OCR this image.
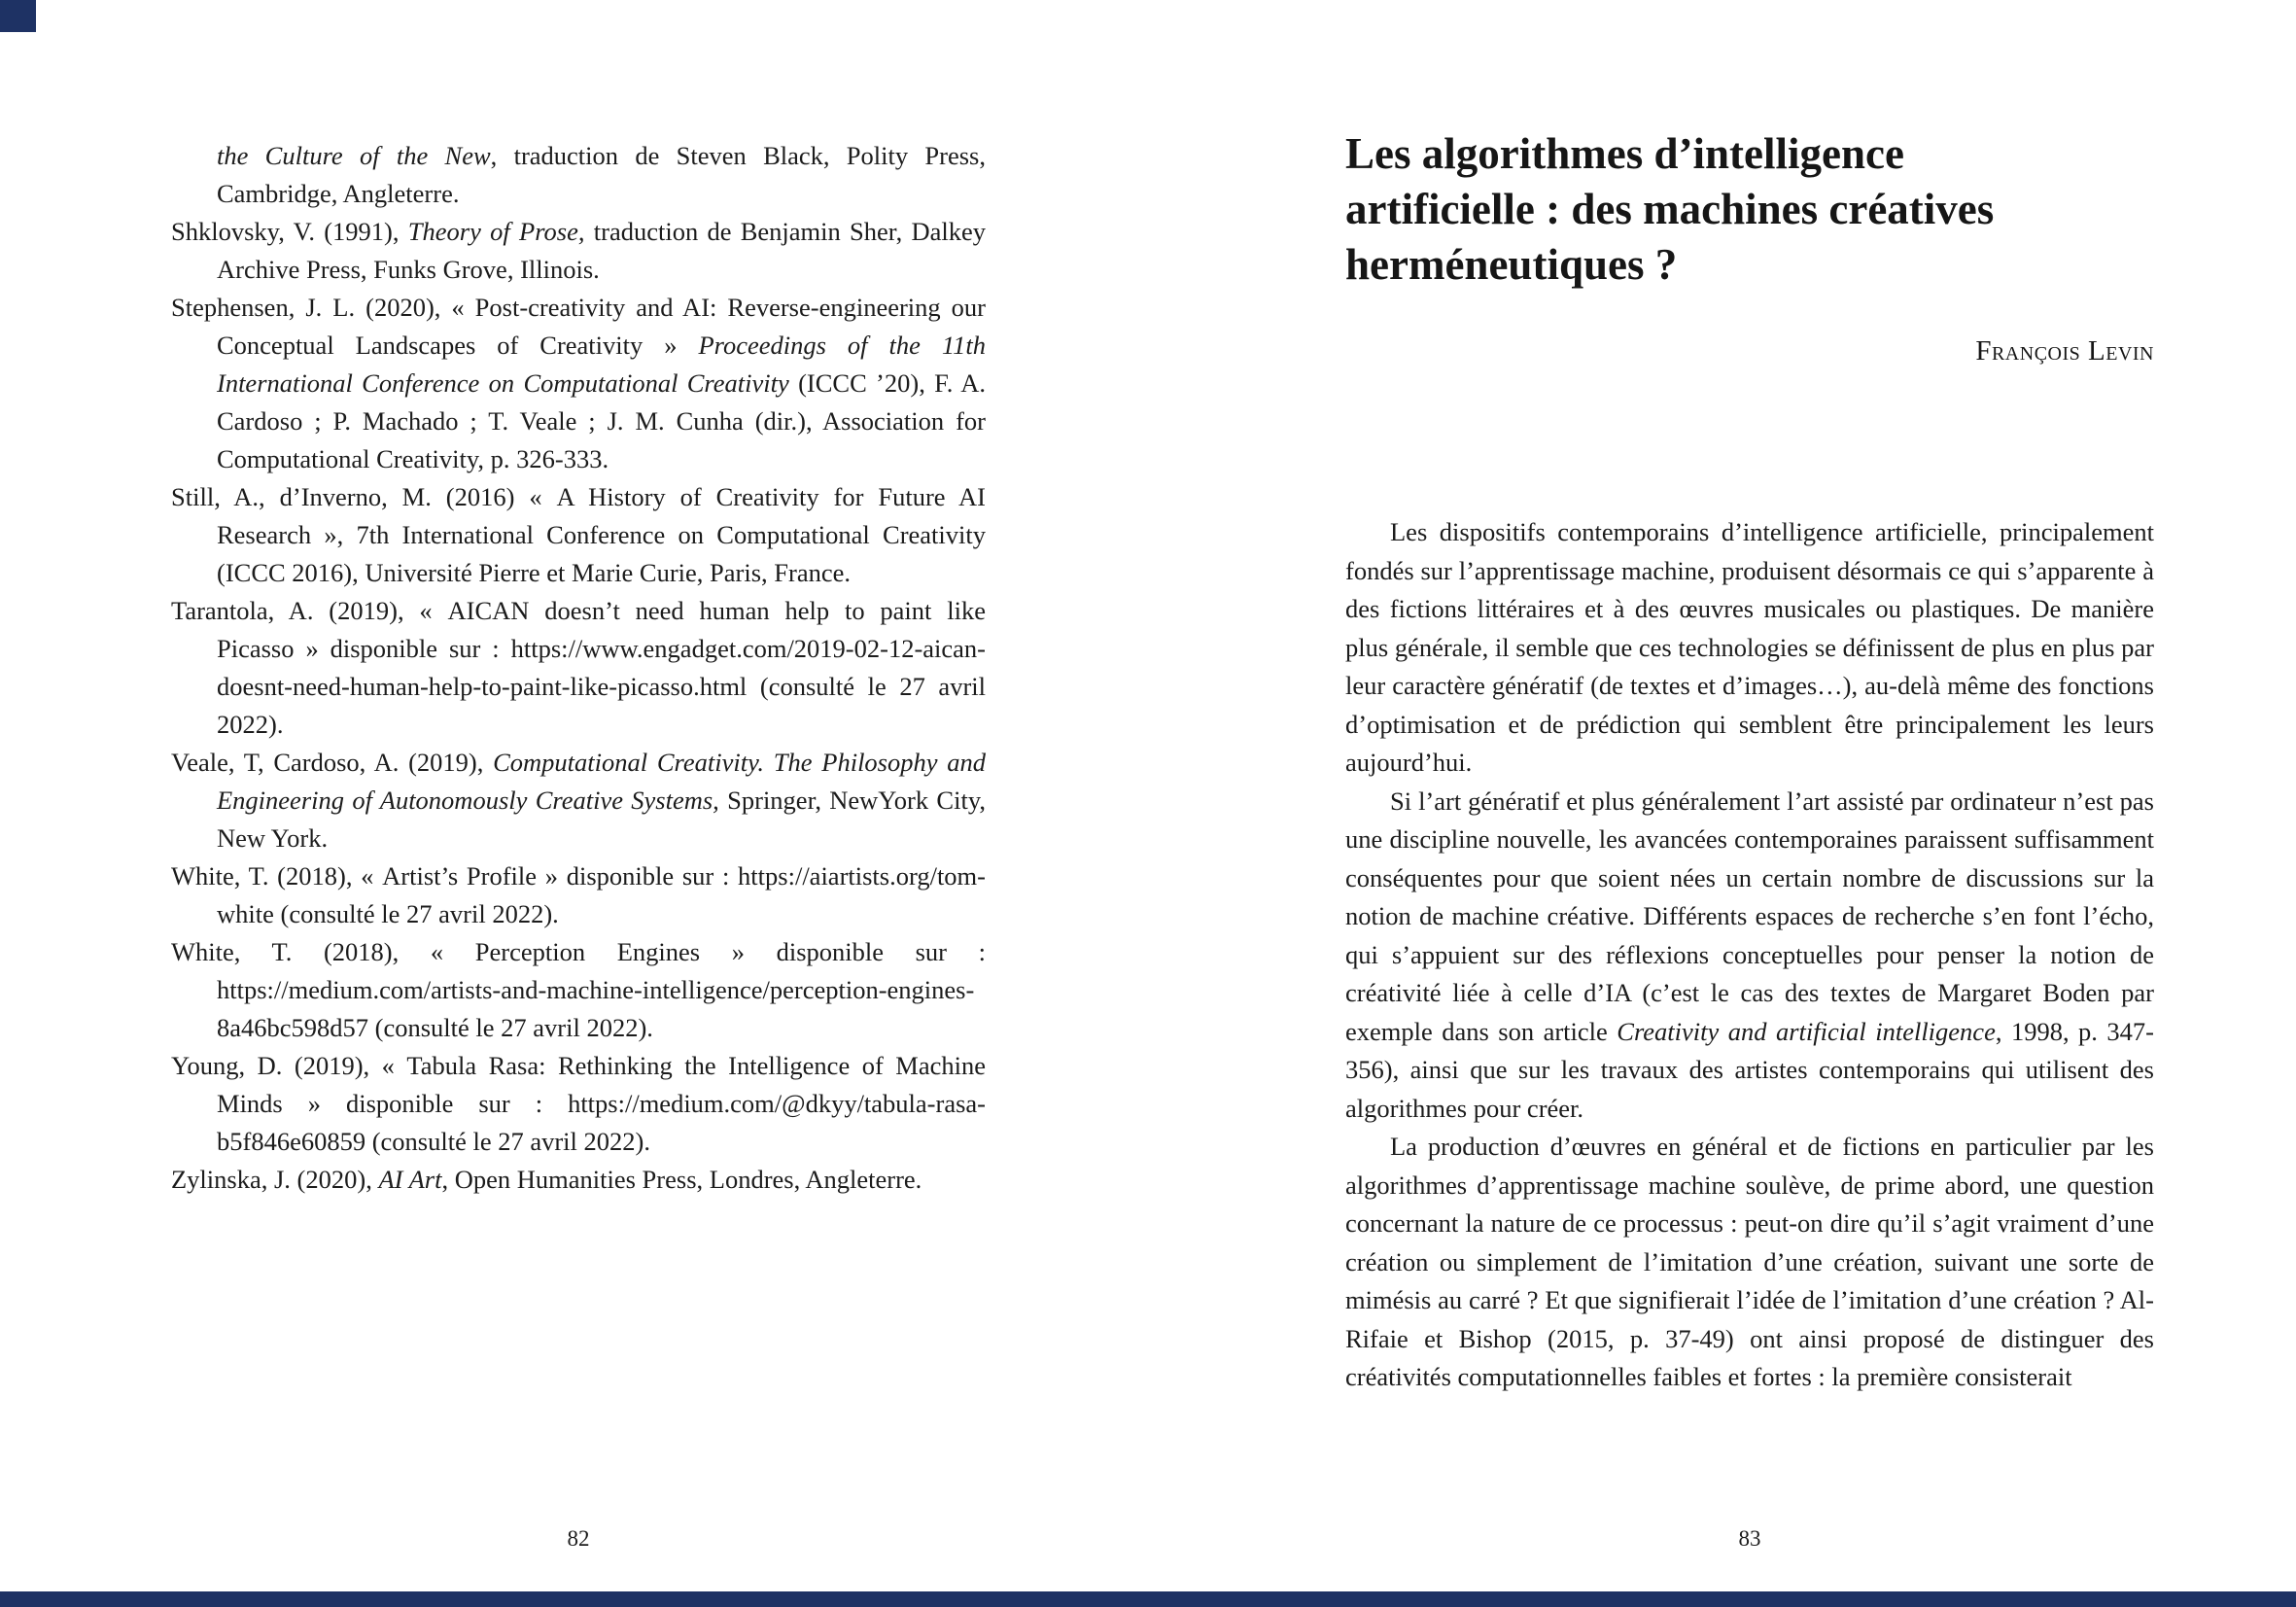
the Culture of the New, traduction de Steven Black, Polity Press, Cambridge, Angleterre.
Shklovsky, V. (1991), Theory of Prose, traduction de Benjamin Sher, Dalkey Archive Press, Funks Grove, Illinois.
Stephensen, J. L. (2020), « Post-creativity and AI: Reverse-engineering our Conceptual Landscapes of Creativity » Proceedings of the 11th International Conference on Computational Creativity (ICCC ’20), F. A. Cardoso ; P. Machado ; T. Veale ; J. M. Cunha (dir.), Association for Computational Creativity, p. 326-333.
Still, A., d’Inverno, M. (2016) « A History of Creativity for Future AI Research », 7th International Conference on Computational Creativity (ICCC 2016), Université Pierre et Marie Curie, Paris, France.
Tarantola, A. (2019), « AICAN doesn’t need human help to paint like Picasso » disponible sur : https://www.engadget.com/2019-02-12-aican-doesnt-need-human-help-to-paint-like-picasso.html (consulté le 27 avril 2022).
Veale, T, Cardoso, A. (2019), Computational Creativity. The Philosophy and Engineering of Autonomously Creative Systems, Springer, NewYork City, New York.
White, T. (2018), « Artist’s Profile » disponible sur : https://aiartists.org/tom-white (consulté le 27 avril 2022).
White, T. (2018), « Perception Engines » disponible sur : https://medium.com/artists-and-machine-intelligence/perception-engines-8a46bc598d57 (consulté le 27 avril 2022).
Young, D. (2019), « Tabula Rasa: Rethinking the Intelligence of Machine Minds » disponible sur : https://medium.com/@dkyy/tabula-rasa-b5f846e60859 (consulté le 27 avril 2022).
Zylinska, J. (2020), AI Art, Open Humanities Press, Londres, Angleterre.
82
Les algorithmes d’intelligence
artificielle : des machines créatives
herméneutiques ?
François Levin
Les dispositifs contemporains d’intelligence artificielle, principalement fondés sur l’apprentissage machine, produisent désormais ce qui s’apparente à des fictions littéraires et à des œuvres musicales ou plastiques. De manière plus générale, il semble que ces technologies se définissent de plus en plus par leur caractère génératif (de textes et d’images…), au-delà même des fonctions d’optimisation et de prédiction qui semblent être principalement les leurs aujourd’hui.
Si l’art génératif et plus généralement l’art assisté par ordinateur n’est pas une discipline nouvelle, les avancées contemporaines paraissent suffisamment conséquentes pour que soient nées un certain nombre de discussions sur la notion de machine créative. Différents espaces de recherche s’en font l’écho, qui s’appuient sur des réflexions conceptuelles pour penser la notion de créativité liée à celle d’IA (c’est le cas des textes de Margaret Boden par exemple dans son article Creativity and artificial intelligence, 1998, p. 347-356), ainsi que sur les travaux des artistes contemporains qui utilisent des algorithmes pour créer.
La production d’œuvres en général et de fictions en particulier par les algorithmes d’apprentissage machine soulève, de prime abord, une question concernant la nature de ce processus : peut-on dire qu’il s’agit vraiment d’une création ou simplement de l’imitation d’une création, suivant une sorte de mimésis au carré ? Et que signifierait l’idée de l’imitation d’une création ? Al-Rifaie et Bishop (2015, p. 37-49) ont ainsi proposé de distinguer des créativités computationnelles faibles et fortes : la première consisterait
83
